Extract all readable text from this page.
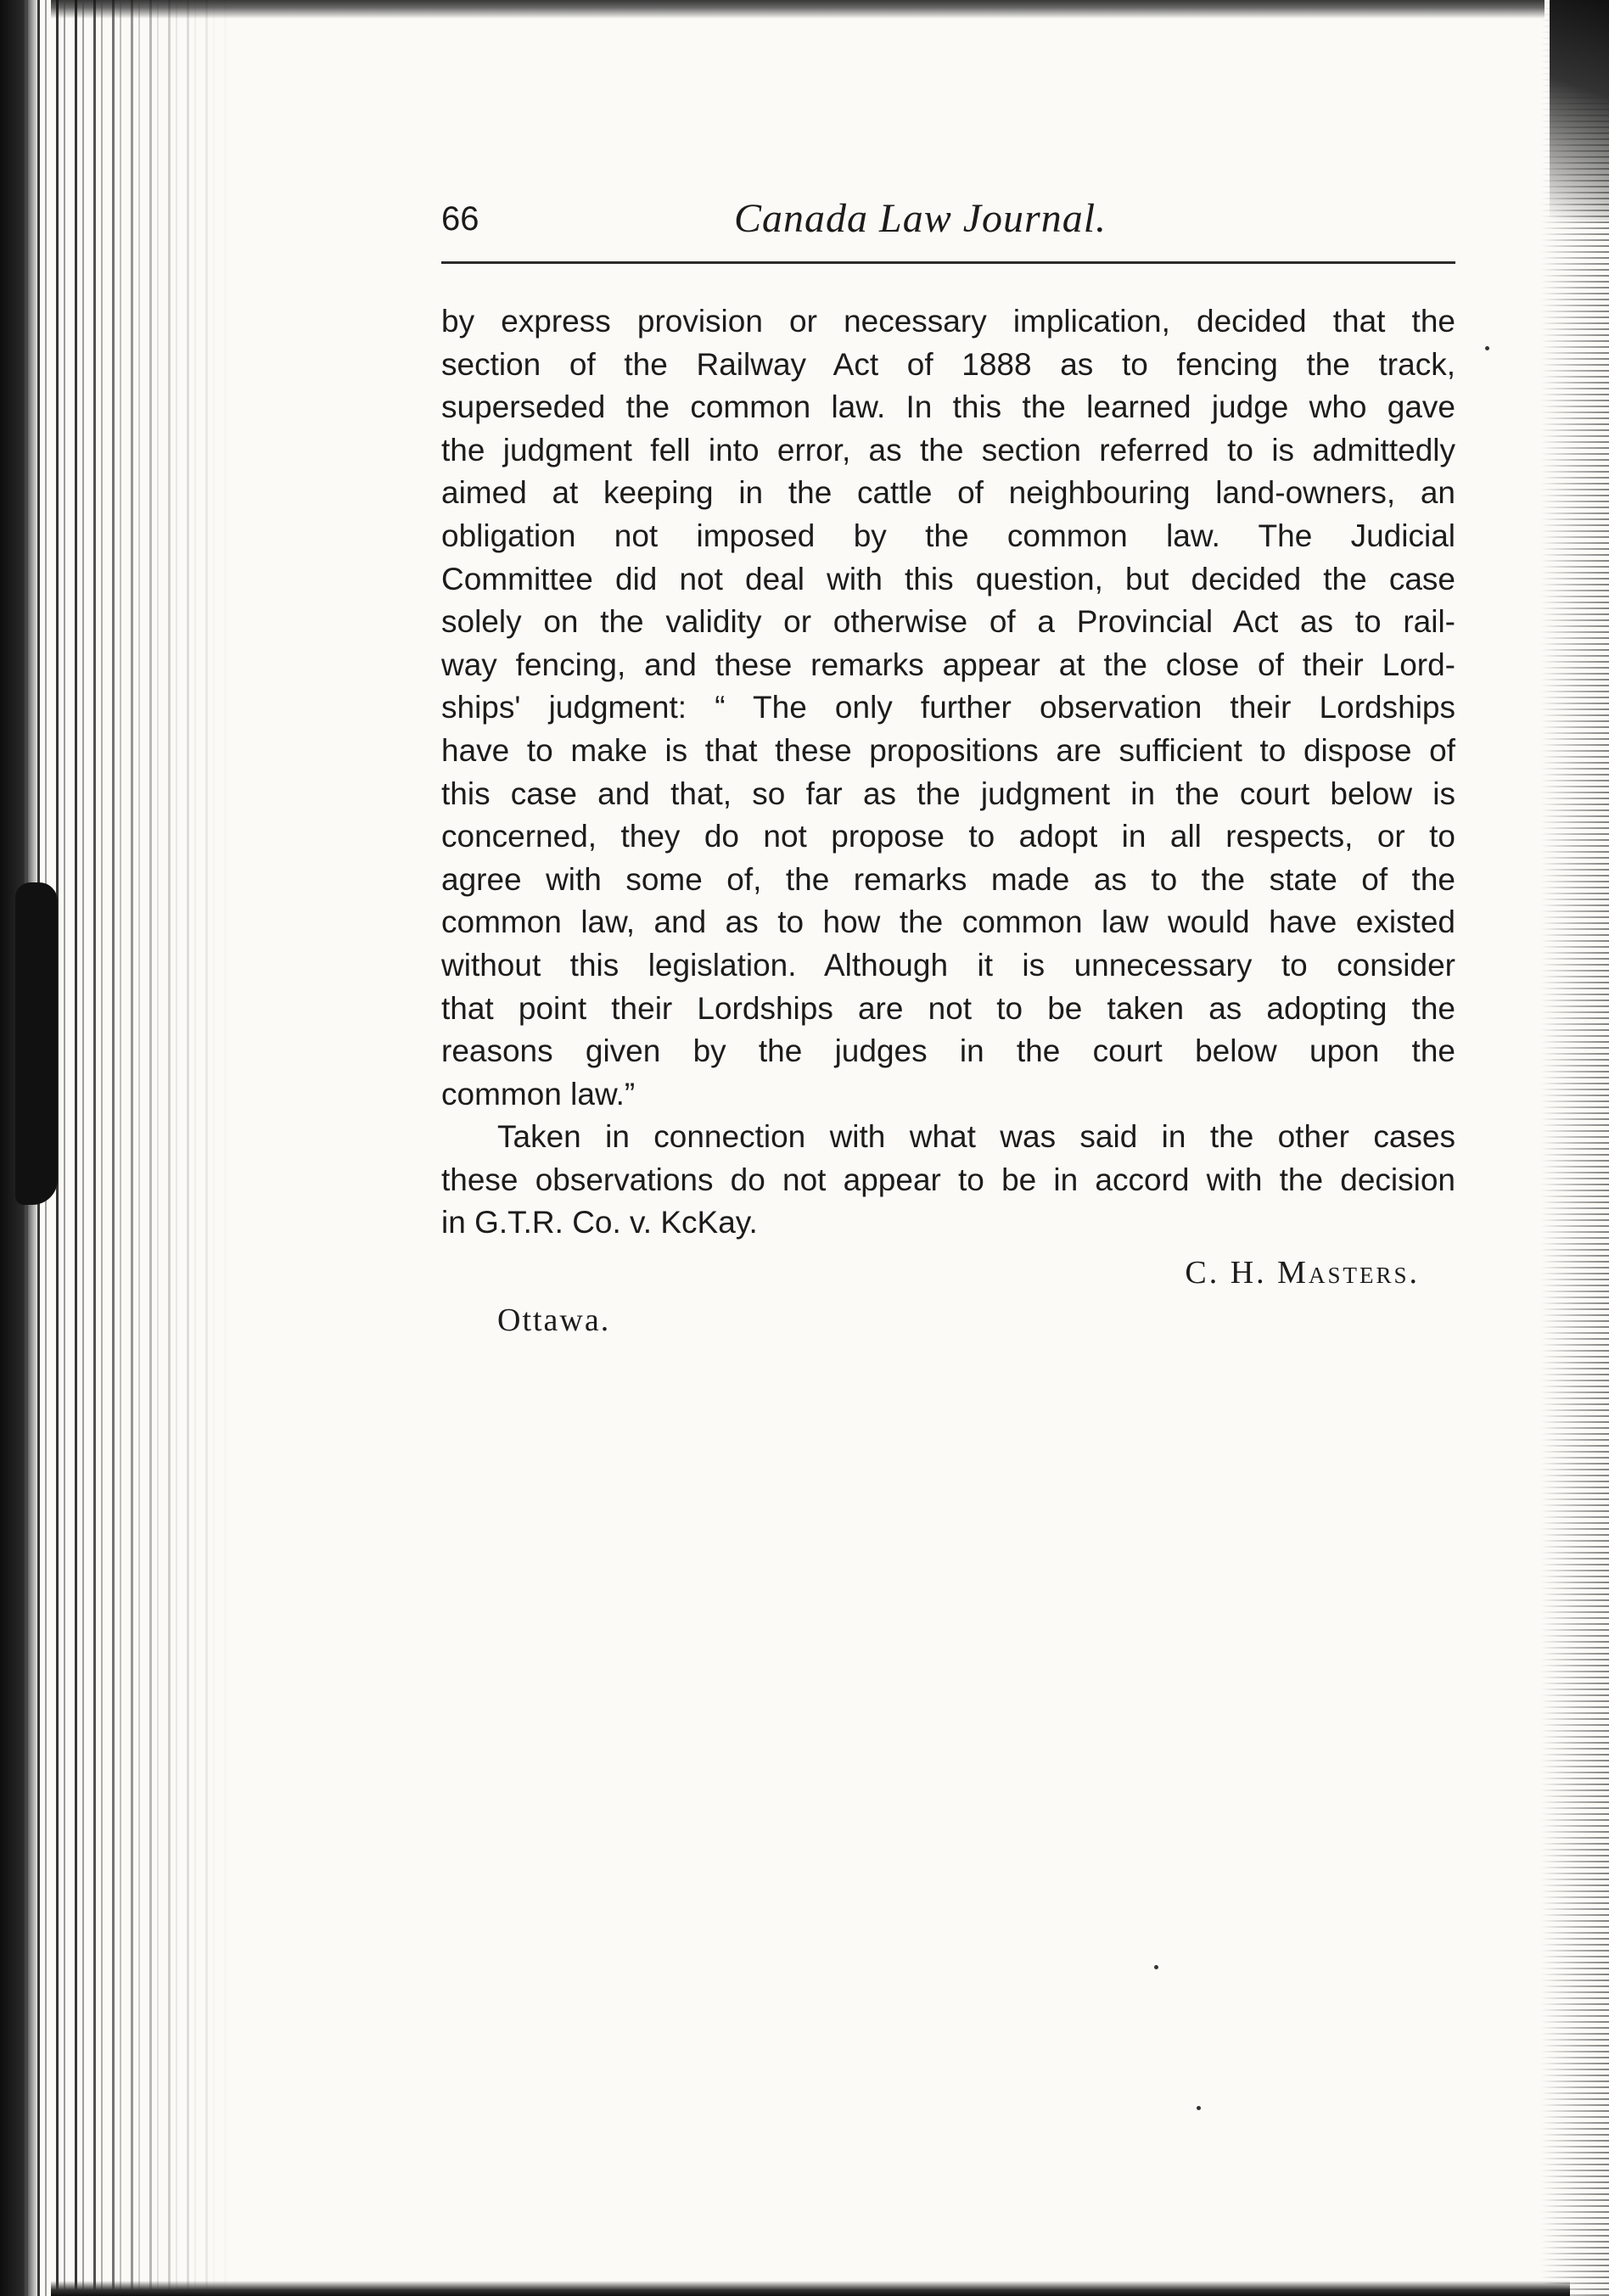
66	Canada Law Journal.
by express provision or necessary implication, decided that the
section of the Railway Act of 1888 as to fencing the track,
superseded the common law. In this the learned judge who gave
the judgment fell into error, as the section referred to is admittedly
aimed at keeping in the cattle of neighbouring land-owners, an
obligation not imposed by the common law. The Judicial
Committee did not deal with this question, but decided the case
solely on the validity or otherwise of a Provincial Act as to rail-
way fencing, and these remarks appear at the close of their Lord-
ships' judgment: “ The only further observation their Lordships
have to make is that these propositions are sufficient to dispose of
this case and that, so far as the judgment in the court below is
concerned, they do not propose to adopt in all respects, or to
agree with some of, the remarks made as to the state of the
common law, and as to how the common law would have existed
without this legislation. Although it is unnecessary to consider
that point their Lordships are not to be taken as adopting the
reasons given by the judges in the court below upon the
common law.”
Taken in connection with what was said in the other cases
these observations do not appear to be in accord with the decision
in G.T.R. Co. v. KcKay.
C. H. Masters.
Ottawa.
